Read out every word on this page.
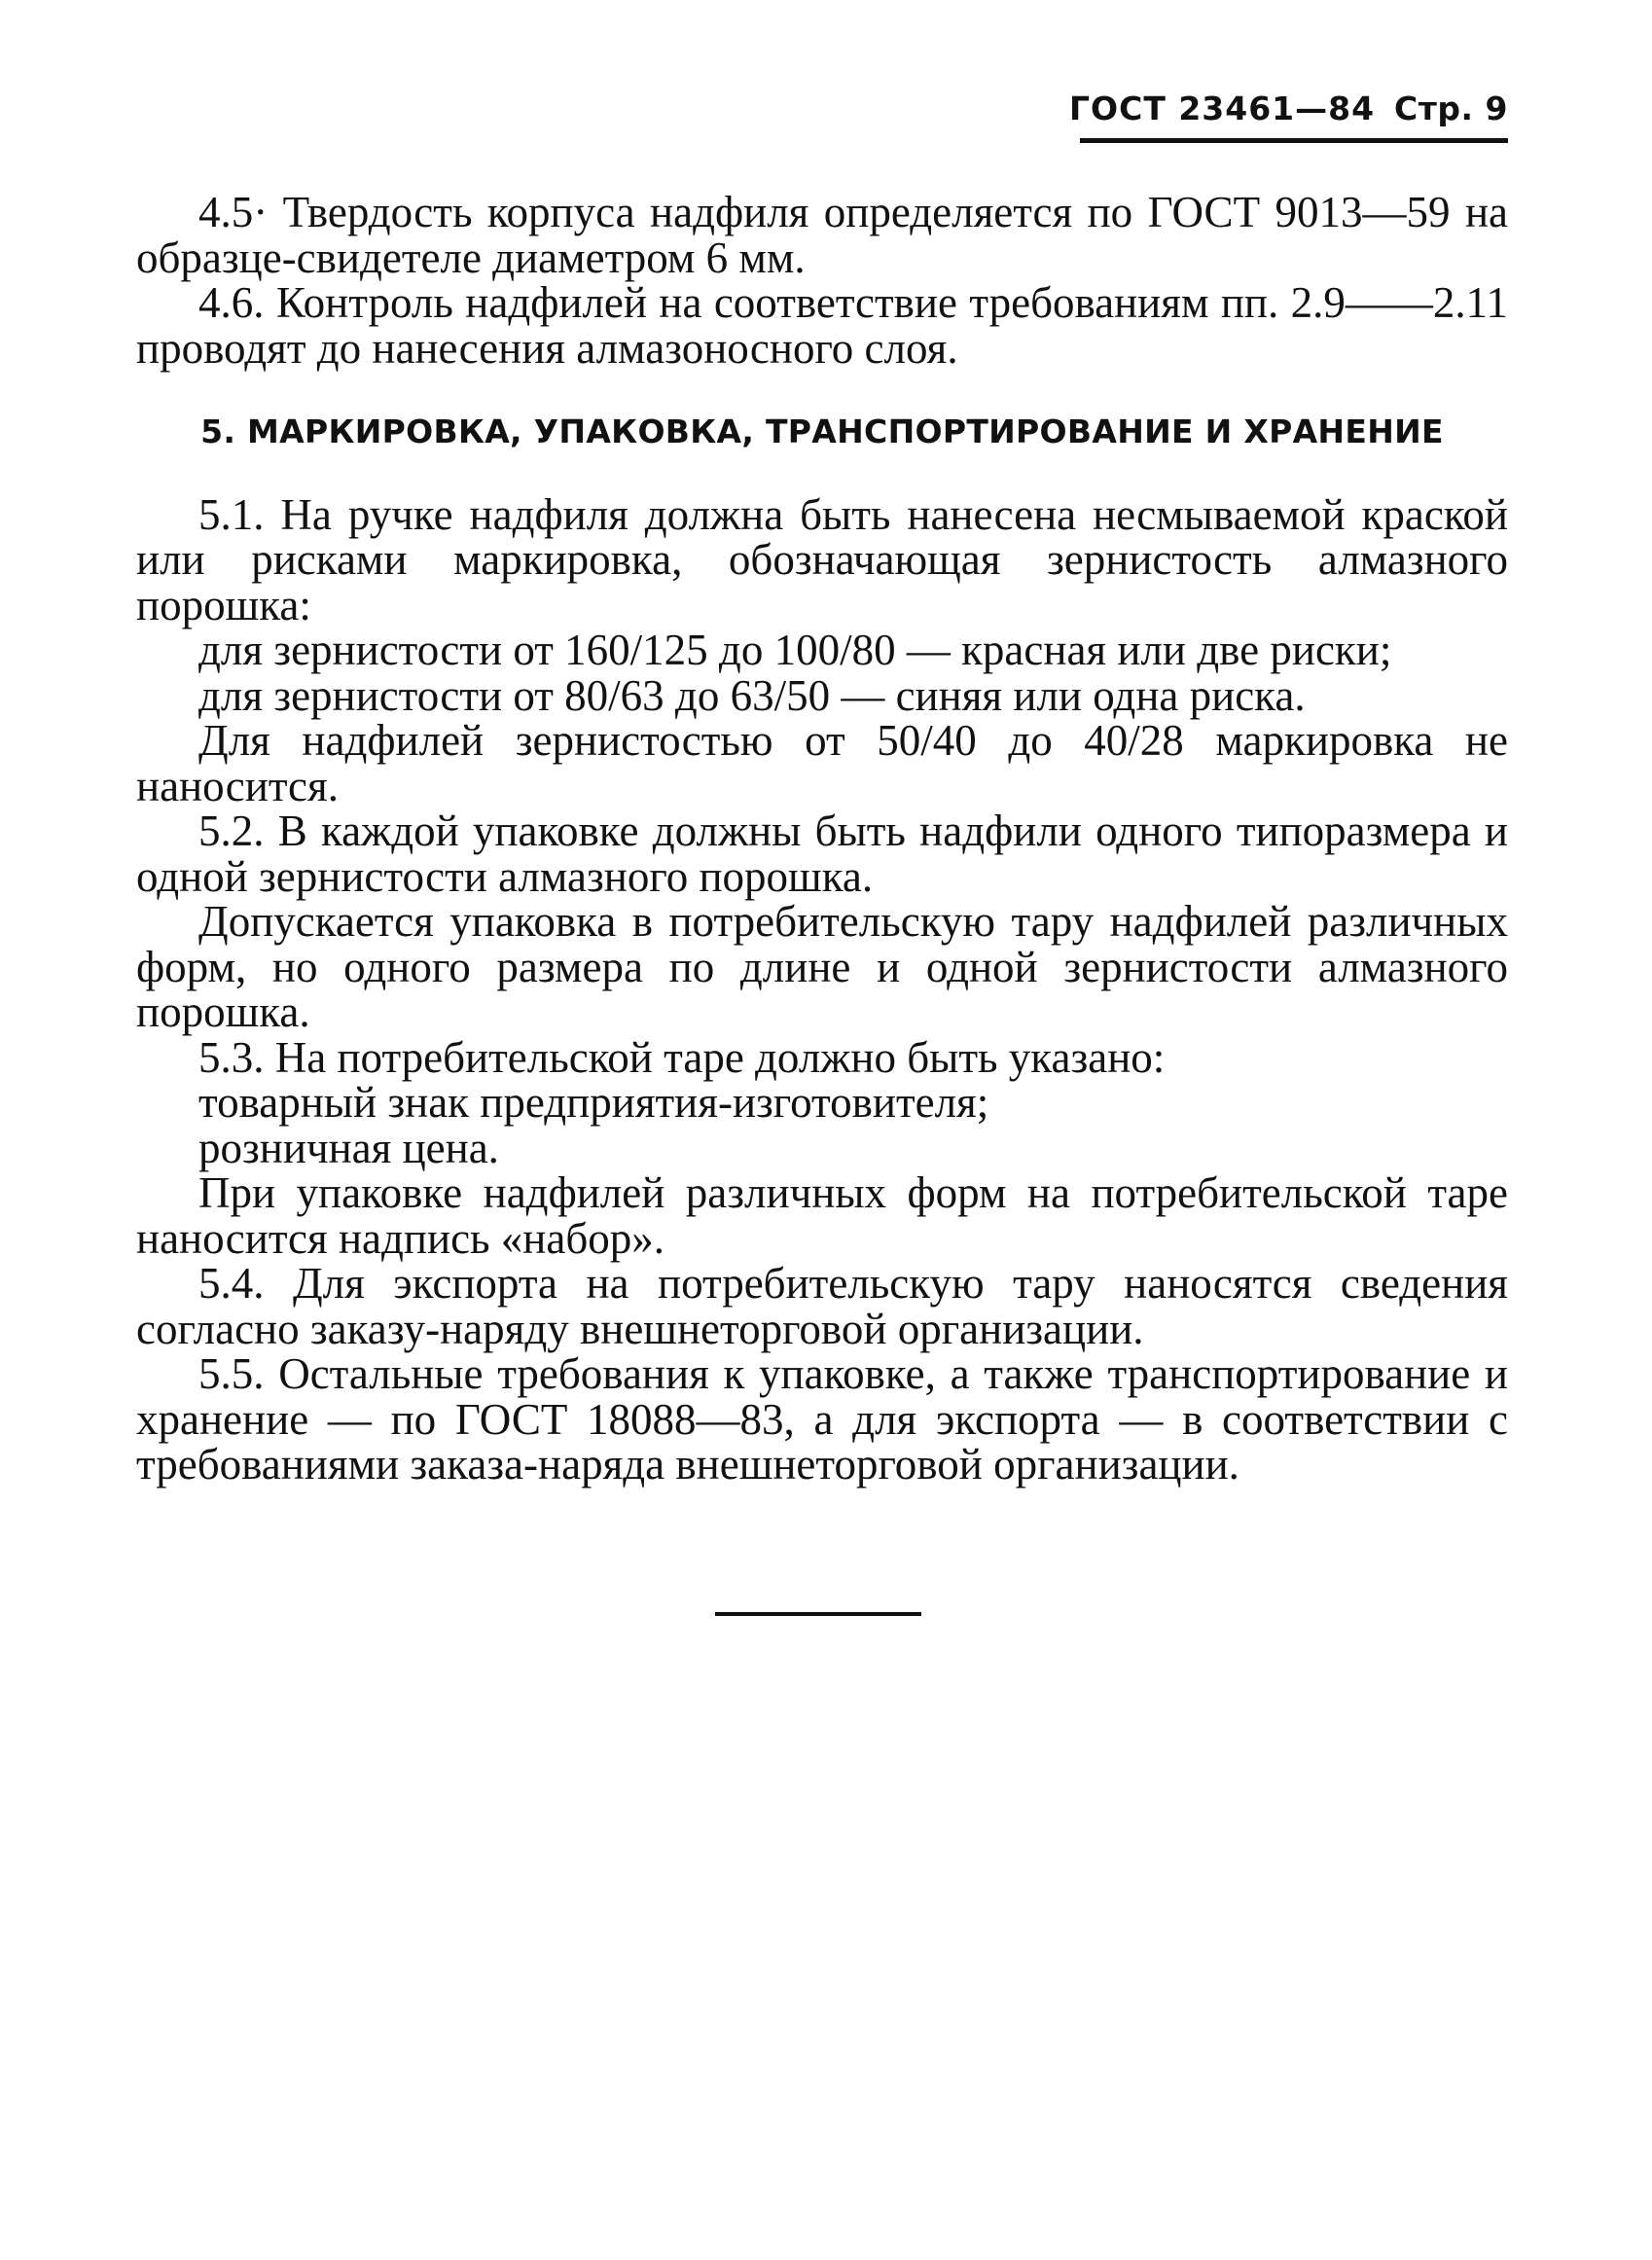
ГОСТ 23461—84 Стр. 9

4.5· Твердость корпуса надфиля определяется по ГОСТ 9013—59 на образце-свидетеле диаметром 6 мм.

4.6. Контроль надфилей на соответствие требованиям пп. 2.9——2.11 проводят до нанесения алмазоносного слоя.

5. МАРКИРОВКА, УПАКОВКА, ТРАНСПОРТИРОВАНИЕ И ХРАНЕНИЕ

5.1. На ручке надфиля должна быть нанесена несмываемой краской или рисками маркировка, обозначающая зернистость алмазного порошка:

для зернистости от 160/125 до 100/80 — красная или две риски;

для зернистости от 80/63 до 63/50 — синяя или одна риска.

Для надфилей зернистостью от 50/40 до 40/28 маркировка не наносится.

5.2. В каждой упаковке должны быть надфили одного типоразмера и одной зернистости алмазного порошка.

Допускается упаковка в потребительскую тару надфилей различных форм, но одного размера по длине и одной зернистости алмазного порошка.

5.3. На потребительской таре должно быть указано:

товарный знак предприятия-изготовителя;

розничная цена.

При упаковке надфилей различных форм на потребительской таре наносится надпись «набор».

5.4. Для экспорта на потребительскую тару наносятся сведения согласно заказу-наряду внешнеторговой организации.

5.5. Остальные требования к упаковке, а также транспортирование и хранение — по ГОСТ 18088—83, а для экспорта — в соответствии с требованиями заказа-наряда внешнеторговой организации.
